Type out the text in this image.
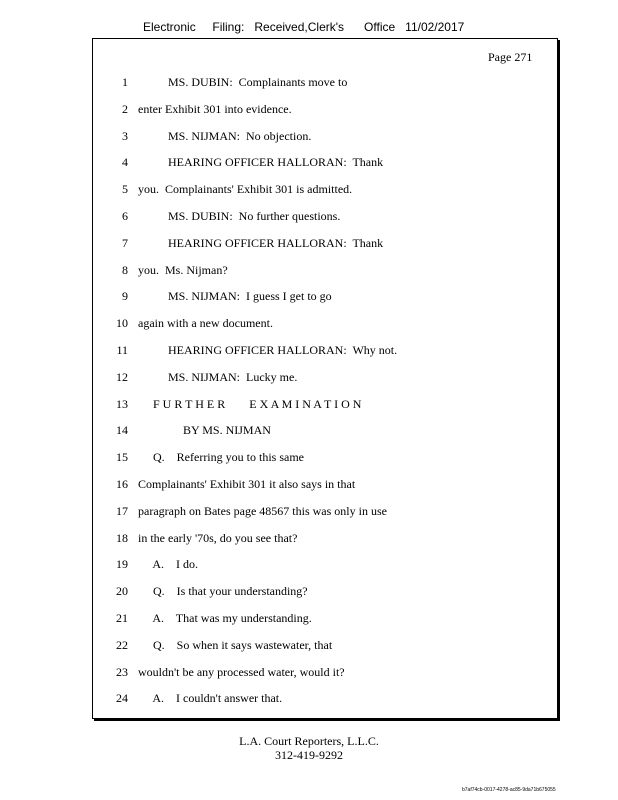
Electronic     Filing:   Received,Clerk's      Office   11/02/2017
Page 271
1 MS. DUBIN:  Complainants move to
2 enter Exhibit 301 into evidence.
3 MS. NIJMAN:  No objection.
4 HEARING OFFICER HALLORAN:  Thank
5 you.  Complainants' Exhibit 301 is admitted.
6 MS. DUBIN:  No further questions.
7 HEARING OFFICER HALLORAN:  Thank
8 you.  Ms. Nijman?
9 MS. NIJMAN:  I guess I get to go
10 again with a new document.
11 HEARING OFFICER HALLORAN:  Why not.
12 MS. NIJMAN:  Lucky me.
13 F U R T H E R        E X A M I N A T I O N
14 BY MS. NIJMAN
15 Q.    Referring you to this same
16 Complainants' Exhibit 301 it also says in that
17 paragraph on Bates page 48567 this was only in use
18 in the early '70s, do you see that?
19 A.    I do.
20 Q.    Is that your understanding?
21 A.    That was my understanding.
22 Q.    So when it says wastewater, that
23 wouldn't be any processed water, would it?
24 A.    I couldn't answer that.
L.A. Court Reporters, L.L.C.
312-419-9292
b7af74cb-0017-4278-ac85-9da71b675055
